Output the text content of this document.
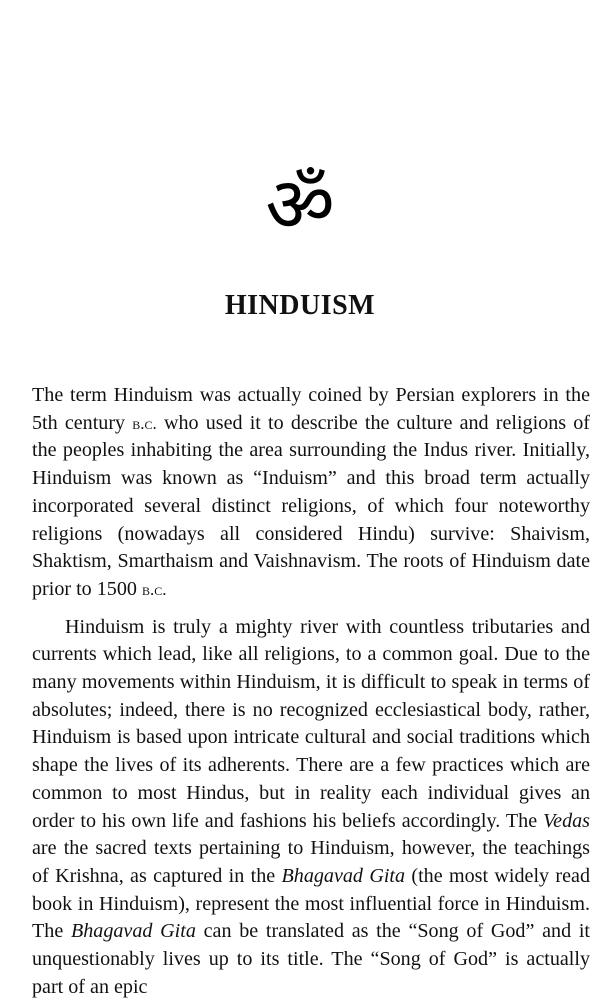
ॐ
HINDUISM

The term Hinduism was actually coined by Persian explorers in the 5th century b.c. who used it to describe the culture and religions of the peoples inhabiting the area surrounding the Indus river. Initially, Hinduism was known as “Induism” and this broad term actually incorporated several distinct religions, of which four noteworthy religions (nowadays all considered Hindu) survive: Shaivism, Shaktism, Smarthaism and Vaishnavism. The roots of Hinduism date prior to 1500 b.c.

Hinduism is truly a mighty river with countless tributaries and currents which lead, like all religions, to a common goal. Due to the many movements within Hinduism, it is difficult to speak in terms of absolutes; indeed, there is no recognized ecclesiastical body, rather, Hinduism is based upon intricate cultural and social traditions which shape the lives of its adherents. There are a few practices which are common to most Hindus, but in reality each individual gives an order to his own life and fashions his beliefs accordingly. The Vedas are the sacred texts pertaining to Hinduism, however, the teachings of Krishna, as captured in the Bhagavad Gita (the most widely read book in Hinduism), represent the most influential force in Hinduism. The Bhagavad Gita can be translated as the “Song of God” and it unquestionably lives up to its title. The “Song of God” is actually part of an epic
